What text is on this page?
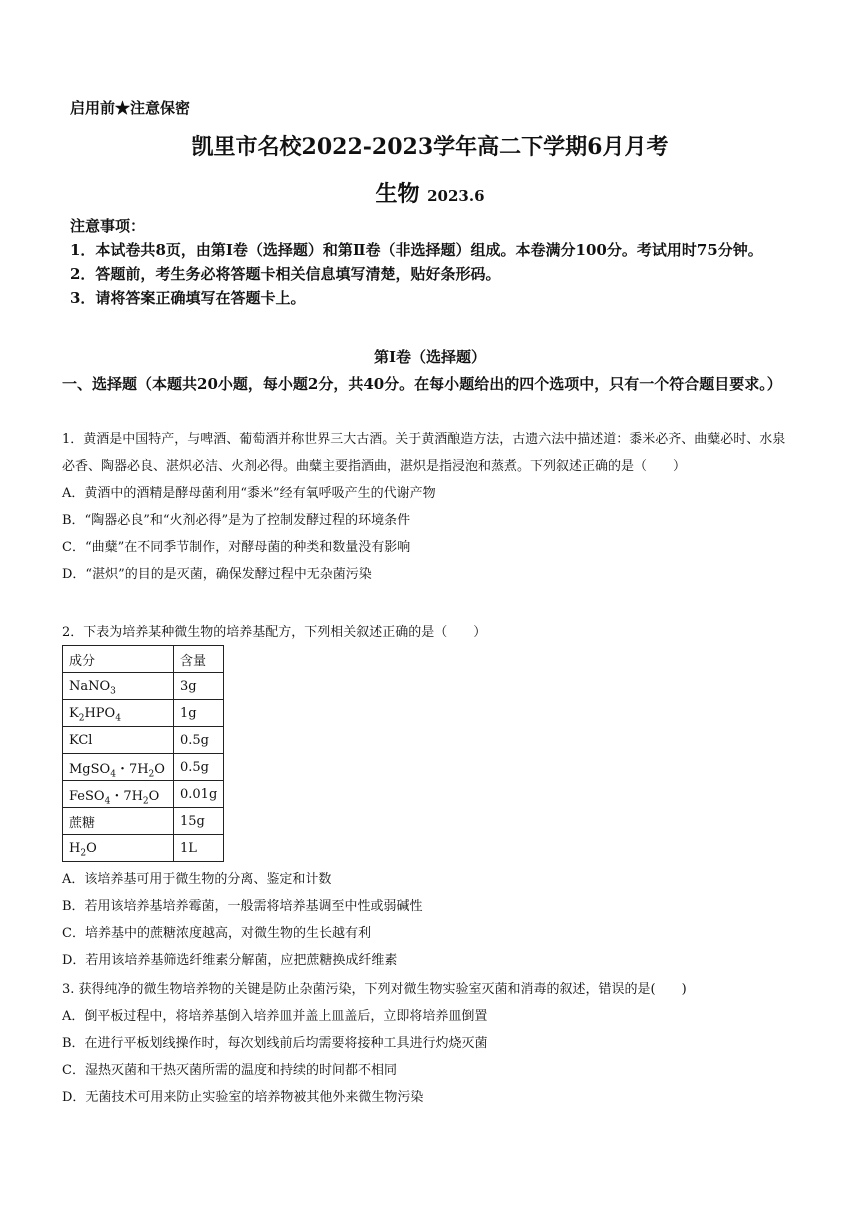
启用前★注意保密
凯里市名校2022-2023学年高二下学期6月月考
生物 2023.6

注意事项：

1．本试卷共8页，由第Ⅰ卷（选择题）和第Ⅱ卷（非选择题）组成。本卷满分100分。考试用时75分钟。

2．答题前，考生务必将答题卡相关信息填写清楚，贴好条形码。

3．请将答案正确填写在答题卡上。

第Ⅰ卷（选择题）
一、选择题（本题共20小题，每小题2分，共40分。在每小题给出的四个选项中，只有一个符合题目要求。）

1．黄酒是中国特产，与啤酒、葡萄酒并称世界三大古酒。关于黄酒酿造方法，古遗六法中描述道：黍米必齐、曲糵必时、水泉必香、陶器必良、湛炽必洁、火剂必得。曲糵主要指酒曲，湛炽是指浸泡和蒸煮。下列叙述正确的是（　　）

A．黄酒中的酒精是酵母菌利用“黍米”经有氧呼吸产生的代谢产物

B．“陶器必良”和“火剂必得”是为了控制发酵过程的环境条件

C．“曲糵”在不同季节制作，对酵母菌的种类和数量没有影响

D．“湛炽”的目的是灭菌，确保发酵过程中无杂菌污染

2．下表为培养某种微生物的培养基配方，下列相关叙述正确的是（　　）
成分	含量
NaNO$_3$	3g
$K_2HPO_4$	1g
KCl	0.5g
MgSO$_4$・$7H_2O$	0.5g
FeSO$_4$・$7H_2O$	0.01g
蔗糖	15g
$H_2O$	1L

A．该培养基可用于微生物的分离、鉴定和计数

B．若用该培养基培养霉菌，一般需将培养基调至中性或弱碱性

C．培养基中的蔗糖浓度越高，对微生物的生长越有利

D．若用该培养基筛选纤维素分解菌，应把蔗糖换成纤维素

3. 获得纯净的微生物培养物的关键是防止杂菌污染，下列对微生物实验室灭菌和消毒的叙述，错误的是(　　)

A．倒平板过程中，将培养基倒入培养皿并盖上皿盖后，立即将培养皿倒置

B．在进行平板划线操作时，每次划线前后均需要将接种工具进行灼烧灭菌

C．湿热灭菌和干热灭菌所需的温度和持续的时间都不相同

D．无菌技术可用来防止实验室的培养物被其他外来微生物污染
